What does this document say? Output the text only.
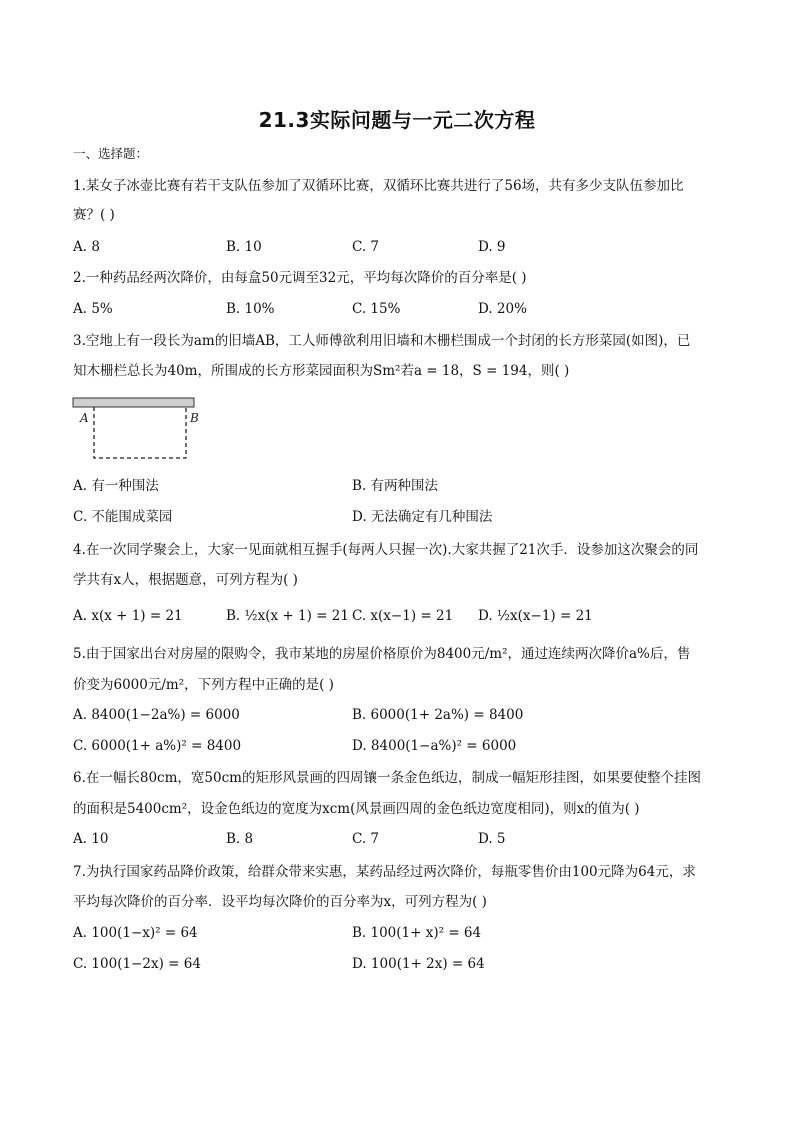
21.3实际问题与一元二次方程
一、选择题：
1.某女子冰壶比赛有若干支队伍参加了双循环比赛，双循环比赛共进行了56场，共有多少支队伍参加比
赛？( )
A. 8	B. 10	C. 7	D. 9
2.一种药品经两次降价，由每盒50元调至32元，平均每次降价的百分率是( )
A. 5%	B. 10%	C. 15%	D. 20%
3.空地上有一段长为am的旧墙AB，工人师傅欲利用旧墙和木栅栏围成一个封闭的长方形菜园(如图)，已
知木栅栏总长为40m，所围成的长方形菜园面积为Sm²若a = 18，S = 194，则( )
A	B
A. 有一种围法	B. 有两种围法
C. 不能围成菜园	D. 无法确定有几种围法
4.在一次同学聚会上，大家一见面就相互握手(每两人只握一次).大家共握了21次手．设参加这次聚会的同
学共有x人，根据题意，可列方程为( )
A. x(x + 1) = 21	B. ½x(x + 1) = 21 C. x(x−1) = 21 D. ½x(x−1) = 21
5.由于国家出台对房屋的限购令，我市某地的房屋价格原价为8400元/m²，通过连续两次降价a%后，售
价变为6000元/m²，下列方程中正确的是( )
A. 8400(1−2a%) = 6000	B. 6000(1+ 2a%) = 8400
C. 6000(1+ a%)² = 8400	D. 8400(1−a%)² = 6000
6.在一幅长80cm，宽50cm的矩形风景画的四周镶一条金色纸边，制成一幅矩形挂图，如果要使整个挂图
的面积是5400cm²，设金色纸边的宽度为xcm(风景画四周的金色纸边宽度相同)，则x的值为( )
A. 10	B. 8	C. 7	D. 5
7.为执行国家药品降价政策，给群众带来实惠，某药品经过两次降价，每瓶零售价由100元降为64元，求
平均每次降价的百分率．设平均每次降价的百分率为x，可列方程为( )
A. 100(1−x)² = 64	B. 100(1+ x)² = 64
C. 100(1−2x) = 64	D. 100(1+ 2x) = 64
